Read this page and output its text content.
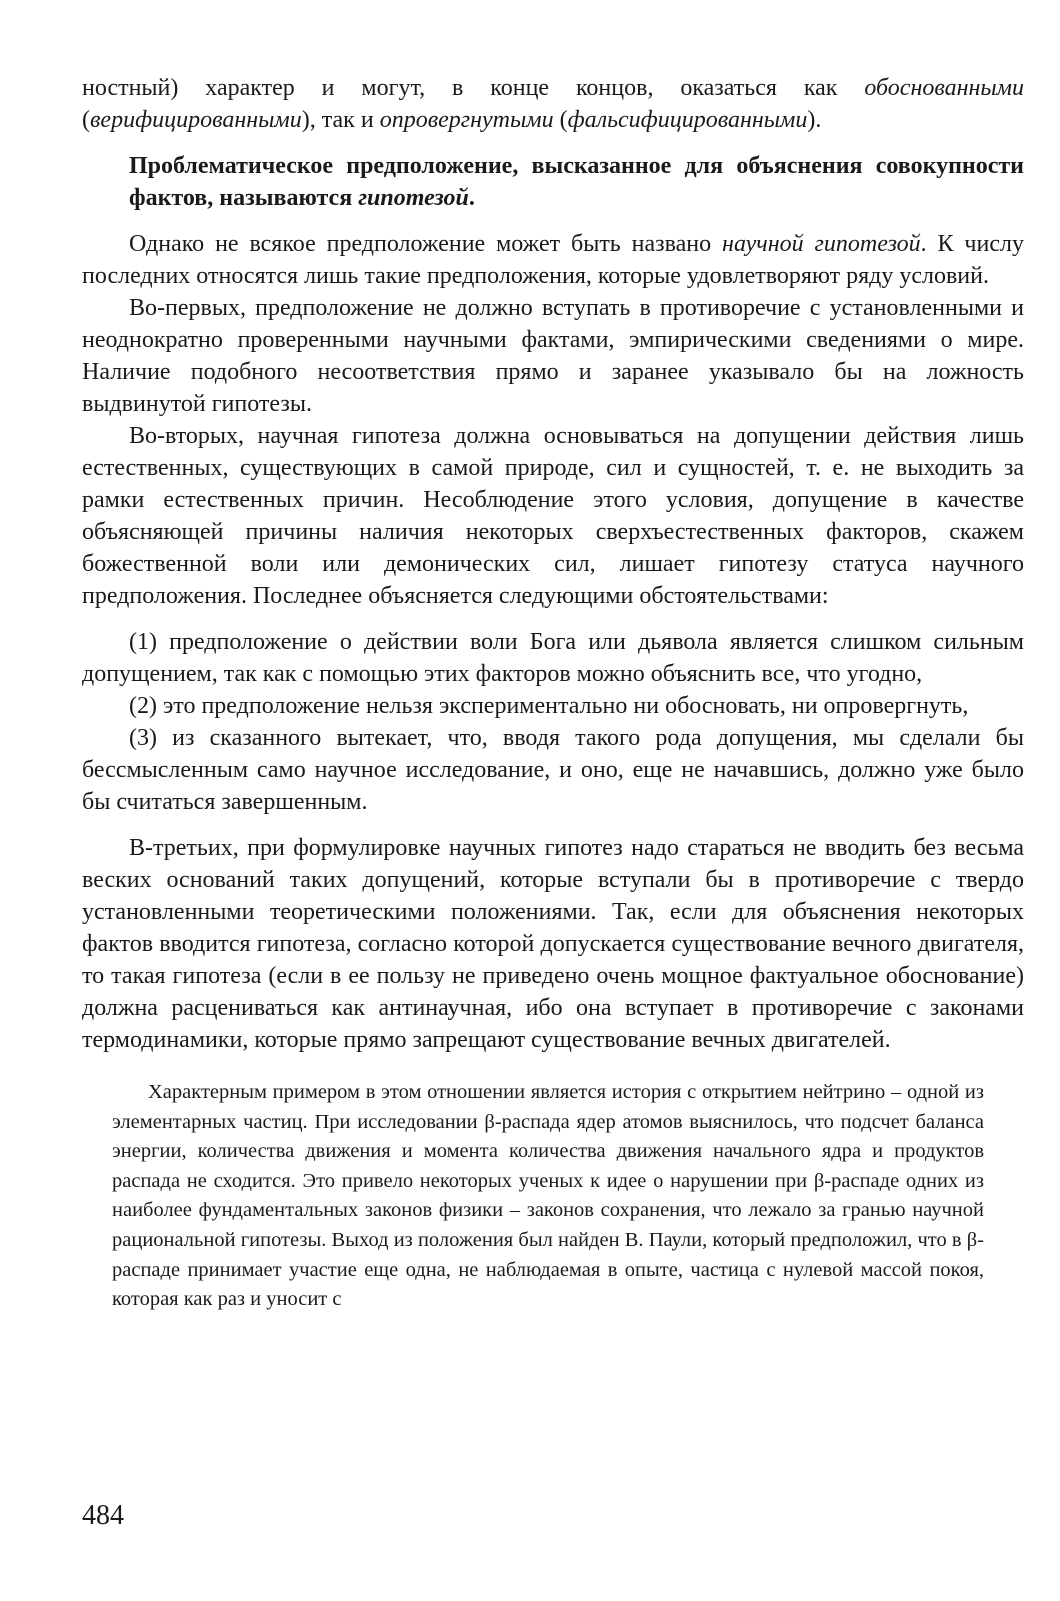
ностный) характер и могут, в конце концов, оказаться как обоснованными (верифицированными), так и опровергнутыми (фальсифицированными).

Проблематическое предположение, высказанное для объяснения совокупности фактов, называются гипотезой.

Однако не всякое предположение может быть названо научной гипотезой. К числу последних относятся лишь такие предположения, которые удовлетворяют ряду условий.

Во-первых, предположение не должно вступать в противоречие с установленными и неоднократно проверенными научными фактами, эмпирическими сведениями о мире. Наличие подобного несоответствия прямо и заранее указывало бы на ложность выдвинутой гипотезы.

Во-вторых, научная гипотеза должна основываться на допущении действия лишь естественных, существующих в самой природе, сил и сущностей, т. е. не выходить за рамки естественных причин. Несоблюдение этого условия, допущение в качестве объясняющей причины наличия некоторых сверхъестественных факторов, скажем божественной воли или демонических сил, лишает гипотезу статуса научного предположения. Последнее объясняется следующими обстоятельствами:

(1) предположение о действии воли Бога или дьявола является слишком сильным допущением, так как с помощью этих факторов можно объяснить все, что угодно,

(2) это предположение нельзя экспериментально ни обосновать, ни опровергнуть,

(3) из сказанного вытекает, что, вводя такого рода допущения, мы сделали бы бессмысленным само научное исследование, и оно, еще не начавшись, должно уже было бы считаться завершенным.

В-третьих, при формулировке научных гипотез надо стараться не вводить без весьма веских оснований таких допущений, которые вступали бы в противоречие с твердо установленными теоретическими положениями. Так, если для объяснения некоторых фактов вводится гипотеза, согласно которой допускается существование вечного двигателя, то такая гипотеза (если в ее пользу не приведено очень мощное фактуальное обоснование) должна расцениваться как антинаучная, ибо она вступает в противоречие с законами термодинамики, которые прямо запрещают существование вечных двигателей.

Характерным примером в этом отношении является история с открытием нейтрино – одной из элементарных частиц. При исследовании β-распада ядер атомов выяснилось, что подсчет баланса энергии, количества движения и момента количества движения начального ядра и продуктов распада не сходится. Это привело некоторых ученых к идее о нарушении при β-распаде одних из наиболее фундаментальных законов физики – законов сохранения, что лежало за гранью научной рациональной гипотезы. Выход из положения был найден В. Паули, который предположил, что в β-распаде принимает участие еще одна, не наблюдаемая в опыте, частица с нулевой массой покоя, которая как раз и уносит с

484
